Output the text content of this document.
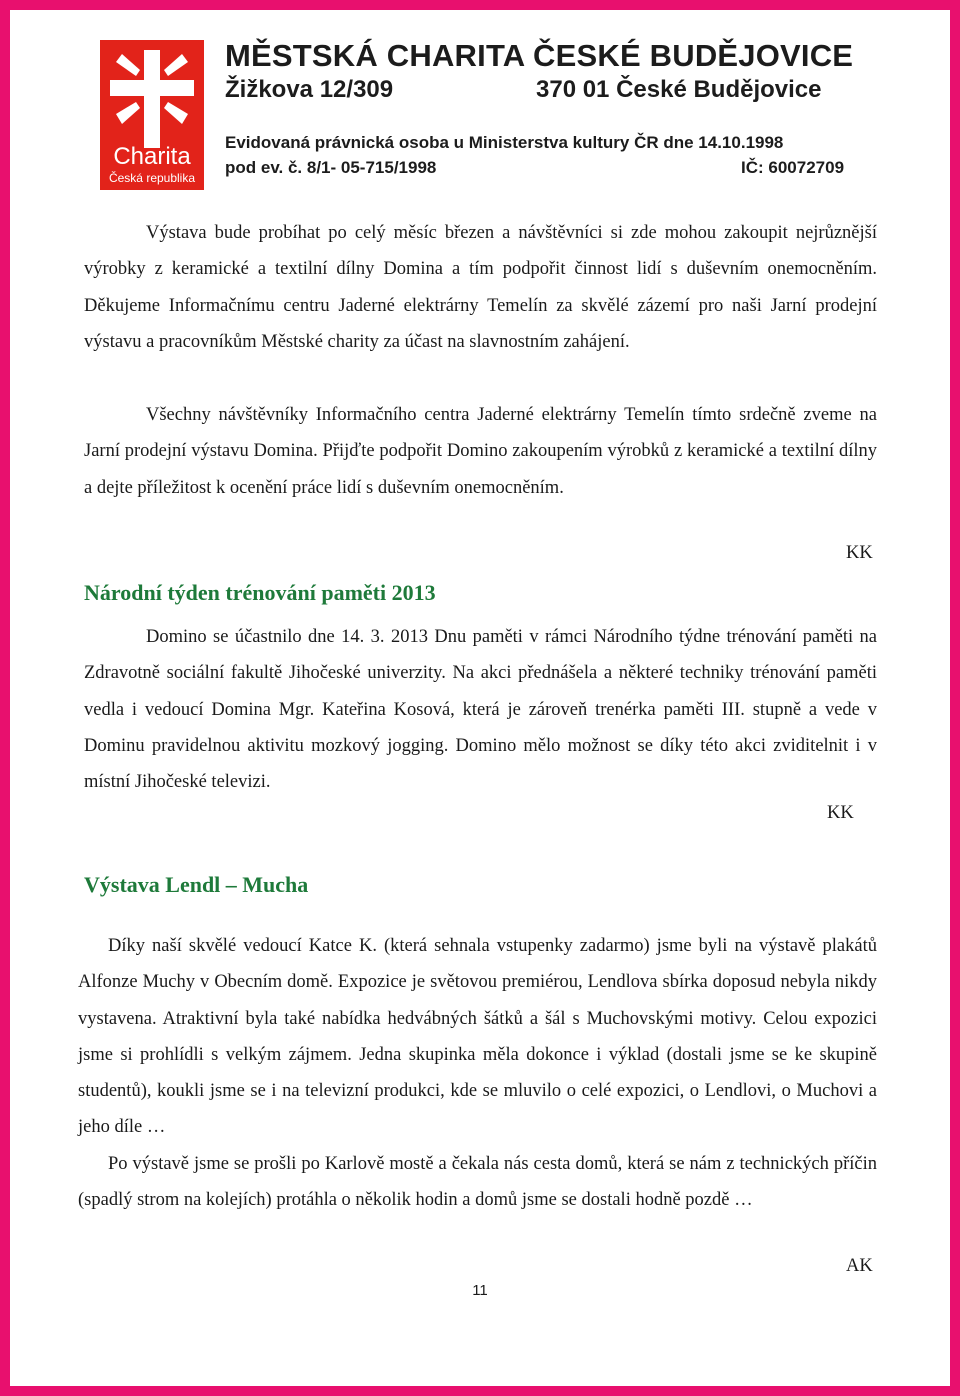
Charita
Česká republika
MĚSTSKÁ CHARITA ČESKÉ BUDĚJOVICE
Žižkova 12/309	370 01 České Budějovice
Evidovaná právnická osoba u Ministerstva kultury ČR dne 14.10.1998
pod ev. č. 8/1- 05-715/1998	IČ: 60072709

Výstava bude probíhat po celý měsíc březen a návštěvníci si zde mohou zakoupit nejrůznější výrobky z keramické a textilní dílny Domina a tím podpořit činnost lidí s duševním onemocněním. Děkujeme Informačnímu centru Jaderné elektrárny Temelín za skvělé zázemí pro naši Jarní prodejní výstavu a pracovníkům Městské charity za účast na slavnostním zahájení.

Všechny návštěvníky Informačního centra Jaderné elektrárny Temelín tímto srdečně zveme na Jarní prodejní výstavu Domina. Přijďte podpořit Domino zakoupením výrobků z keramické a textilní dílny a dejte příležitost k ocenění práce lidí s duševním onemocněním.

KK
Národní týden trénování paměti 2013

Domino se účastnilo dne 14. 3. 2013 Dnu paměti v rámci Národního týdne trénování paměti na Zdravotně sociální fakultě Jihočeské univerzity. Na akci přednášela a některé techniky trénování paměti vedla i vedoucí Domina Mgr. Kateřina Kosová, která je zároveň trenérka paměti III. stupně a vede v Dominu pravidelnou aktivitu mozkový jogging. Domino mělo možnost se díky této akci zviditelnit i v místní Jihočeské televizi.

KK
Výstava Lendl – Mucha

Díky naší skvělé vedoucí Katce K. (která sehnala vstupenky zadarmo) jsme byli na výstavě plakátů Alfonze Muchy v Obecním domě. Expozice je světovou premiérou, Lendlova sbírka doposud nebyla nikdy vystavena. Atraktivní byla také nabídka hedvábných šátků a šál s Muchovskými motivy. Celou expozici jsme si prohlídli s velkým zájmem. Jedna skupinka měla dokonce i výklad (dostali jsme se ke skupině studentů), koukli jsme se i na televizní produkci, kde se mluvilo o celé expozici, o Lendlovi, o Muchovi a jeho díle …

Po výstavě jsme se prošli po Karlově mostě a čekala nás cesta domů, která se nám z technických příčin (spadlý strom na kolejích) protáhla o několik hodin a domů jsme se dostali hodně pozdě …

AK
11
